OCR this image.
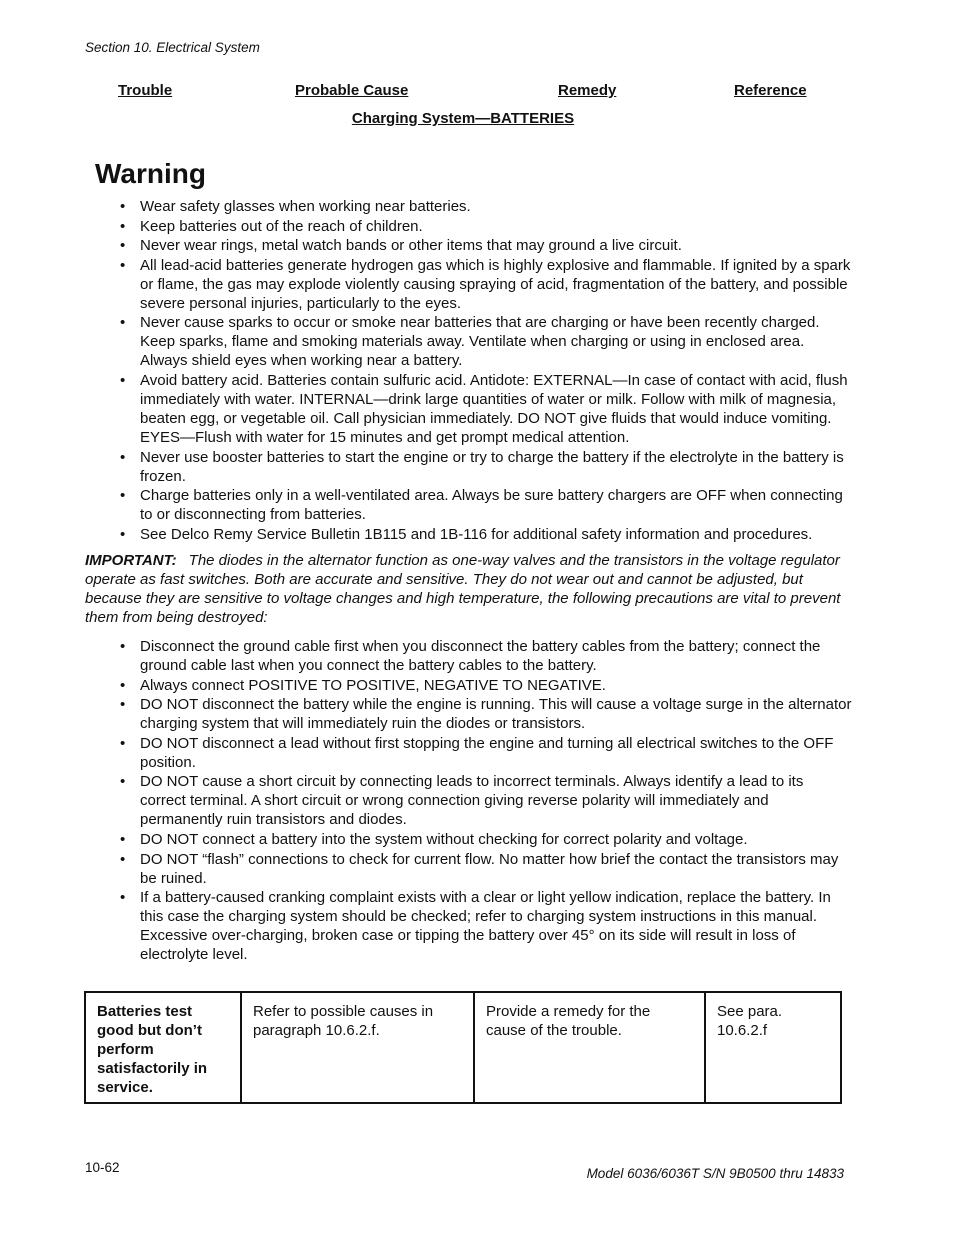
Section 10. Electrical System
Trouble	Probable Cause	Remedy	Reference
Charging System—BATTERIES
Warning
• Wear safety glasses when working near batteries.
• Keep batteries out of the reach of children.
• Never wear rings, metal watch bands or other items that may ground a live circuit.
• All lead-acid batteries generate hydrogen gas which is highly explosive and flammable. If ignited by a spark or flame, the gas may explode violently causing spraying of acid, fragmentation of the battery, and possible severe personal injuries, particularly to the eyes.
• Never cause sparks to occur or smoke near batteries that are charging or have been recently charged. Keep sparks, flame and smoking materials away. Ventilate when charging or using in enclosed area. Always shield eyes when working near a battery.
• Avoid battery acid. Batteries contain sulfuric acid. Antidote: EXTERNAL—In case of contact with acid, flush immediately with water. INTERNAL—drink large quantities of water or milk. Follow with milk of magnesia, beaten egg, or vegetable oil. Call physician immediately. DO NOT give fluids that would induce vomiting. EYES—Flush with water for 15 minutes and get prompt medical attention.
• Never use booster batteries to start the engine or try to charge the battery if the electrolyte in the battery is frozen.
• Charge batteries only in a well-ventilated area. Always be sure battery chargers are OFF when connecting to or disconnecting from batteries.
• See Delco Remy Service Bulletin 1B115 and 1B-116 for additional safety information and procedures.

IMPORTANT: The diodes in the alternator function as one-way valves and the transistors in the voltage regulator operate as fast switches. Both are accurate and sensitive. They do not wear out and cannot be adjusted, but because they are sensitive to voltage changes and high temperature, the following precautions are vital to prevent them from being destroyed:

• Disconnect the ground cable first when you disconnect the battery cables from the battery; connect the ground cable last when you connect the battery cables to the battery.
• Always connect POSITIVE TO POSITIVE, NEGATIVE TO NEGATIVE.
• DO NOT disconnect the battery while the engine is running. This will cause a voltage surge in the alternator charging system that will immediately ruin the diodes or transistors.
• DO NOT disconnect a lead without first stopping the engine and turning all electrical switches to the OFF position.
• DO NOT cause a short circuit by connecting leads to incorrect terminals. Always identify a lead to its correct terminal. A short circuit or wrong connection giving reverse polarity will immediately and permanently ruin transistors and diodes.
• DO NOT connect a battery into the system without checking for correct polarity and voltage.
• DO NOT “flash” connections to check for current flow. No matter how brief the contact the transistors may be ruined.
• If a battery-caused cranking complaint exists with a clear or light yellow indication, replace the battery. In this case the charging system should be checked; refer to charging system instructions in this manual. Excessive over-charging, broken case or tipping the battery over 45° on its side will result in loss of electrolyte level.
Batteries test good but don’t perform satisfactorily in service.	Refer to possible causes in paragraph 10.6.2.f.	Provide a remedy for the cause of the trouble.	See para. 10.6.2.f
10-62	Model 6036/6036T S/N 9B0500 thru 14833
